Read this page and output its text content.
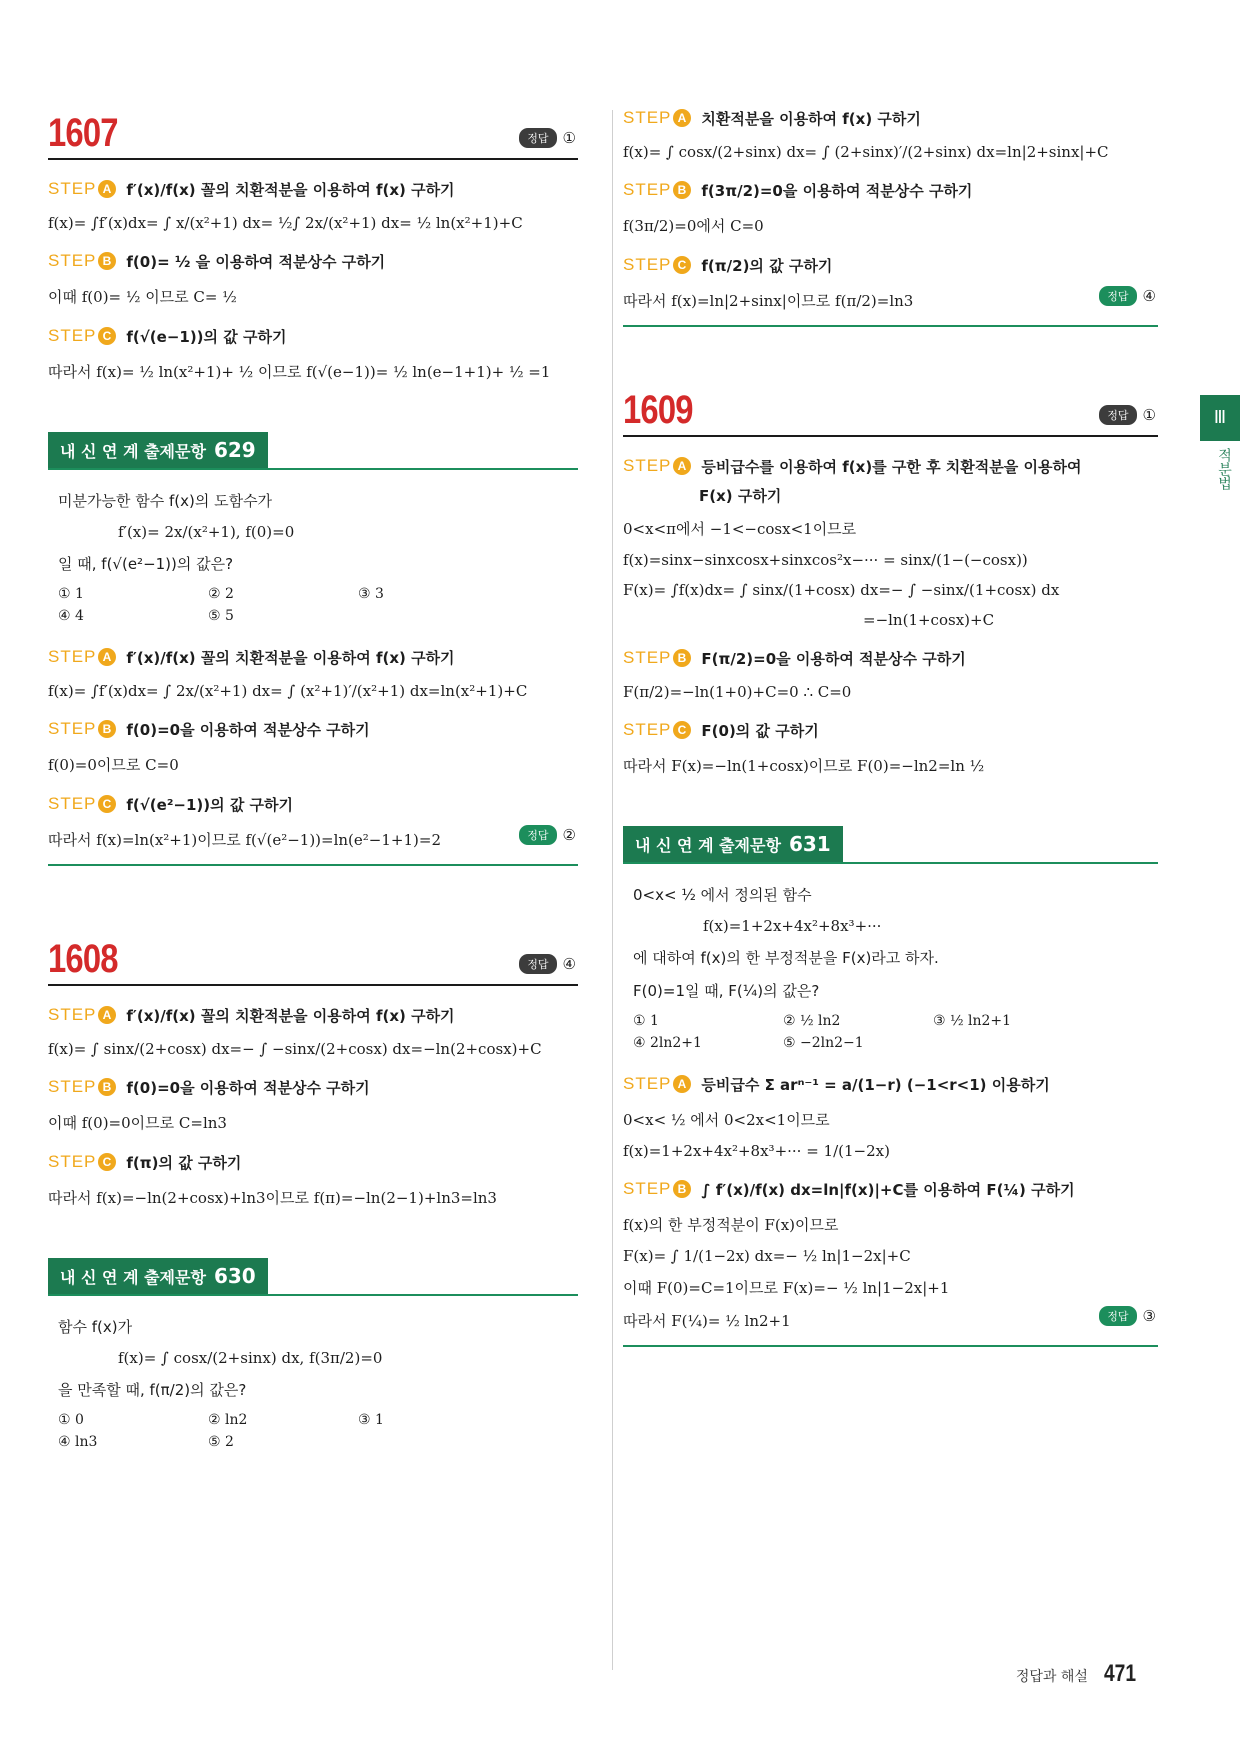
1607	정답 ①
STEP A f′(x)/f(x) 꼴의 치환적분을 이용하여 f(x) 구하기
f(x)= ∫f′(x)dx= ∫ x/(x²+1) dx= ½∫ 2x/(x²+1) dx= ½ ln(x²+1)+C
STEP B f(0)= ½ 을 이용하여 적분상수 구하기
이때 f(0)= ½ 이므로 C= ½
STEP C f(√(e−1))의 값 구하기
따라서 f(x)= ½ ln(x²+1)+ ½ 이므로 f(√(e−1))= ½ ln(e−1+1)+ ½ =1
내 신 연 계 출제문항 629
미분가능한 함수 f(x)의 도함수가
f′(x)= 2x/(x²+1), f(0)=0
일 때, f(√(e²−1))의 값은?
① 1	② 2	③ 3
④ 4	⑤ 5
STEP A f′(x)/f(x) 꼴의 치환적분을 이용하여 f(x) 구하기
f(x)= ∫f′(x)dx= ∫ 2x/(x²+1) dx= ∫ (x²+1)′/(x²+1) dx=ln(x²+1)+C
STEP B f(0)=0을 이용하여 적분상수 구하기
f(0)=0이므로 C=0
STEP C f(√(e²−1))의 값 구하기
따라서 f(x)=ln(x²+1)이므로 f(√(e²−1))=ln(e²−1+1)=2	정답 ②
1608	정답 ④
STEP A f′(x)/f(x) 꼴의 치환적분을 이용하여 f(x) 구하기
f(x)= ∫ sinx/(2+cosx) dx=− ∫ −sinx/(2+cosx) dx=−ln(2+cosx)+C
STEP B f(0)=0을 이용하여 적분상수 구하기
이때 f(0)=0이므로 C=ln3
STEP C f(π)의 값 구하기
따라서 f(x)=−ln(2+cosx)+ln3이므로 f(π)=−ln(2−1)+ln3=ln3
내 신 연 계 출제문항 630
함수 f(x)가
f(x)= ∫ cosx/(2+sinx) dx, f(3π/2)=0
을 만족할 때, f(π/2)의 값은?
① 0	② ln2	③ 1
④ ln3	⑤ 2
STEP A 치환적분을 이용하여 f(x) 구하기
f(x)= ∫ cosx/(2+sinx) dx= ∫ (2+sinx)′/(2+sinx) dx=ln|2+sinx|+C
STEP B f(3π/2)=0을 이용하여 적분상수 구하기
f(3π/2)=0에서 C=0
STEP C f(π/2)의 값 구하기
따라서 f(x)=ln|2+sinx|이므로 f(π/2)=ln3	정답 ④
1609	정답 ①
STEP A 등비급수를 이용하여 f(x)를 구한 후 치환적분을 이용하여
F(x) 구하기
0<x<π에서 −1<−cosx<1이므로
f(x)=sinx−sinxcosx+sinxcos²x−··· = sinx/(1−(−cosx))
F(x)= ∫f(x)dx= ∫ sinx/(1+cosx) dx=− ∫ −sinx/(1+cosx) dx
=−ln(1+cosx)+C
STEP B F(π/2)=0을 이용하여 적분상수 구하기
F(π/2)=−ln(1+0)+C=0 ∴ C=0
STEP C F(0)의 값 구하기
따라서 F(x)=−ln(1+cosx)이므로 F(0)=−ln2=ln ½
내 신 연 계 출제문항 631
0<x< ½ 에서 정의된 함수
f(x)=1+2x+4x²+8x³+···
에 대하여 f(x)의 한 부정적분을 F(x)라고 하자.
F(0)=1일 때, F(¼)의 값은?
① 1	② ½ ln2	③ ½ ln2+1
④ 2ln2+1	⑤ −2ln2−1
STEP A 등비급수 Σ arⁿ⁻¹ = a/(1−r) (−1<r<1) 이용하기
0<x< ½ 에서 0<2x<1이므로
f(x)=1+2x+4x²+8x³+··· = 1/(1−2x)
STEP B ∫ f′(x)/f(x) dx=ln|f(x)|+C를 이용하여 F(¼) 구하기
f(x)의 한 부정적분이 F(x)이므로
F(x)= ∫ 1/(1−2x) dx=− ½ ln|1−2x|+C
이때 F(0)=C=1이므로 F(x)=− ½ ln|1−2x|+1
따라서 F(¼)= ½ ln2+1	정답 ③
Ⅲ
적분법
정답과 해설 471
